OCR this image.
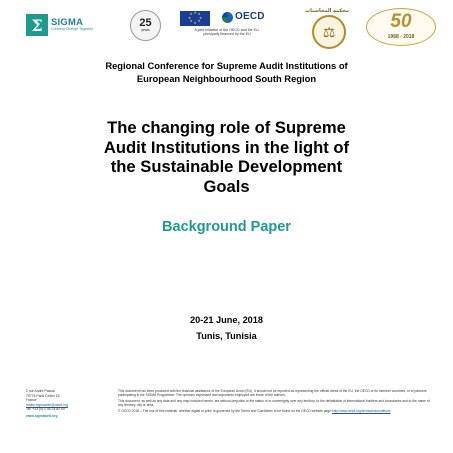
Σ SIGMA
Creating Change Together
25
years
★ ★
★
★
★
★
★
★	OECD
A joint initiative of the OECD and the EU,
principally financed by the EU
محكمة المحاسبات
⚖	50
1968 - 2018
Regional Conference for Supreme Audit Institutions of
European Neighbourhood South Region
The changing role of Supreme
Audit Institutions in the light of
the Sustainable Development
Goals
Background Paper
20-21 June, 2018
Tunis, Tunisia
2 rue André Pascal
75775 Paris Cedex 16
France
mailto:sigmaweb@oecd.org
Tel: +33 (0) 1 45 24 82 00
www.sigmaweb.org

This document has been produced with the financial assistance of the European Union (EU). It should not be reported as representing the official views of the EU, the OECD or its member countries, or of partners participating in the SIGMA Programme. The opinions expressed and arguments employed are those of the authors.

This document, as well as any data and any map included herein, are without prejudice to the status of or sovereignty over any territory, to the delimitation of international frontiers and boundaries and to the name of any territory, city or area.

© OECD 2018 – The use of this material, whether digital or print, is governed by the Terms and Conditions to be found on the OECD website page http://www.oecd.org/termsandconditions
